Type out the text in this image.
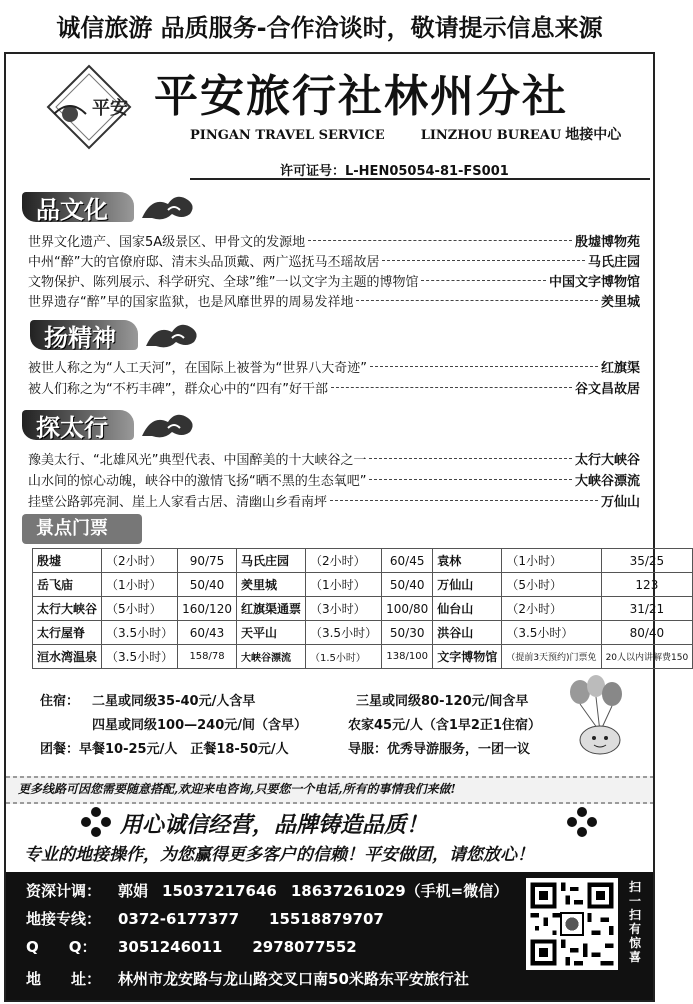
诚信旅游 品质服务-合作洽谈时，敬请提示信息来源
平安 平安旅行社林州分社
PINGAN TRAVEL SERVICE	LINZHOU BUREAU 地接中心
许可证号：L-HEN05054-81-FS001
品文化
世界文化遗产、国家5A级景区、甲骨文的发源地	殷墟博物苑
中州“醉”大的官僚府邸、清末头品顶戴、两广巡抚马丕瑶故居	马氏庄园
文物保护、陈列展示、科学研究、全球”维”一以文字为主题的博物馆	中国文字博物馆
世界遗存“醉”早的国家监狱，也是风靡世界的周易发祥地	羑里城
扬精神
被世人称之为“人工天河”，在国际上被誉为“世界八大奇迹”	红旗渠
被人们称之为“不朽丰碑”，群众心中的“四有”好干部	谷文昌故居
探太行
豫美太行、“北雄风光”典型代表、中国醉美的十大峡谷之一	太行大峡谷
山水间的惊心动魄，峡谷中的激情飞扬“晒不黑的生态氧吧”	大峡谷漂流
挂壁公路郭亮洞、崖上人家看古居、清幽山乡看南坪	万仙山
景点门票
殷墟	（2小时）	90/75	马氏庄园	（2小时）	60/45	袁林	（1小时）	35/25
岳飞庙	（1小时）	50/40	羑里城	（1小时）	50/40	万仙山	（5小时）	123
太行大峡谷	（5小时）	160/120	红旗渠通票	（3小时）	100/80	仙台山	（2小时）	31/21
太行屋脊	（3.5小时）	60/43	天平山	（3.5小时）	50/30	洪谷山	（3.5小时）	80/40
洹水湾温泉	（3.5小时）	158/78	大峡谷漂流	（1.5小时）	138/100	文字博物馆	（提前3天预约)门票免	20人以内讲解费150
住宿： 二星或同级35-40元/人含早	三星或同级80-120元/间含早
四星或同级100—240元/间（含早）	农家45元/人（含1早2正1住宿）
团餐：早餐10-25元/人　正餐18-50元/人	导服：优秀导游服务，一团一议
更多线路可因您需要随意搭配,欢迎来电咨询,只要您一个电话,所有的事情我们来做!
用心诚信经营，品牌铸造品质！
专业的地接操作，为您赢得更多客户的信赖！平安做团，请您放心！
资深计调： 郭娟 15037217646 18637261029（手机=微信）
地接专线： 0372-6177377 15518879707
Q　　Q： 3051246011 2978077552
地　　址： 林州市龙安路与龙山路交叉口南50米路东平安旅行社
扫一扫有惊喜
